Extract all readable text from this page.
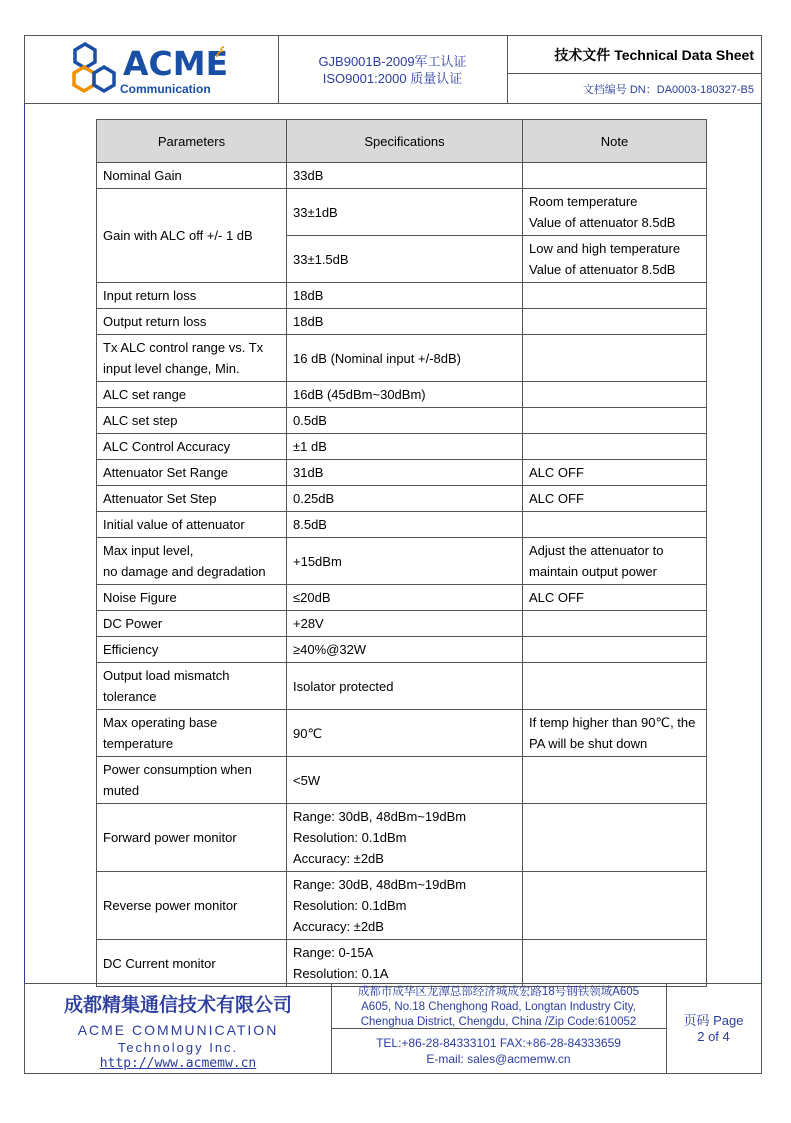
ACME
Communication
GJB9001B-2009军工认证
ISO9001:2000 质量认证
技术文件 Technical Data Sheet
文档编号 DN：DA0003-180327-B5
Parameters	Specifications	Note
Nominal Gain	33dB	
Gain with ALC off +/- 1 dB	33±1dB	Room temperature
Value of attenuator 8.5dB
	33±1.5dB	Low and high temperature
Value of attenuator 8.5dB
Input return loss	18dB	
Output return loss	18dB	
Tx ALC control range vs. Tx input level change, Min.	16 dB (Nominal input +/-8dB)	
ALC set range	16dB (45dBm~30dBm)	
ALC set step	0.5dB	
ALC Control Accuracy	±1 dB	
Attenuator Set Range	31dB	ALC OFF
Attenuator Set Step	0.25dB	ALC OFF
Initial value of attenuator	8.5dB	
Max input level,
no damage and degradation	+15dBm	Adjust the attenuator to maintain output power
Noise Figure	≤20dB	ALC OFF
DC Power	+28V	
Efficiency	≥40%@32W	
Output load mismatch tolerance	Isolator protected	
Max operating base temperature	90℃	If temp higher than 90℃, the PA will be shut down
Power consumption when muted	<5W	
Forward power monitor	Range: 30dB, 48dBm~19dBm
Resolution: 0.1dBm
Accuracy: ±2dB	
Reverse power monitor	Range: 30dB, 48dBm~19dBm
Resolution: 0.1dBm
Accuracy: ±2dB	
DC Current monitor	Range: 0-15A
Resolution: 0.1A	
成都精集通信技术有限公司
ACME COMMUNICATION
Technology Inc.
http://www.acmemw.cn
成都市成华区龙潭总部经济城成宏路18号钢铁领域A605
A605, No.18 Chenghong Road, Longtan Industry City,
Chenghua District, Chengdu, China /Zip Code:610052
TEL:+86-28-84333101 FAX:+86-28-84333659
E-mail: sales@acmemw.cn
页码 Page
2 of 4
